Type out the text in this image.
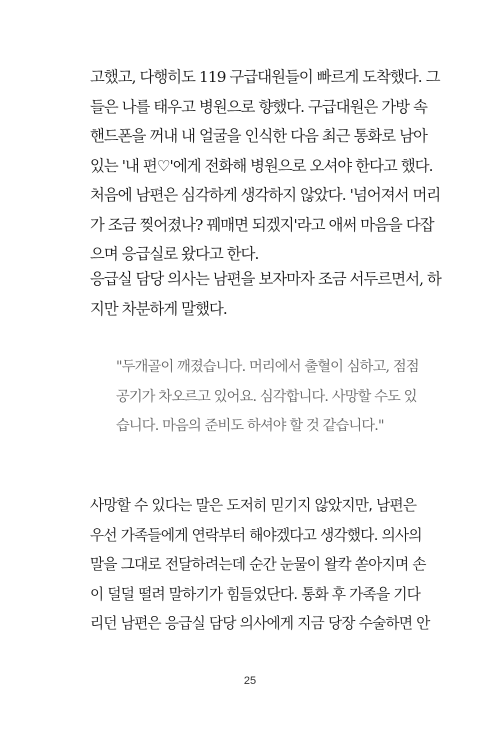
고했고, 다행히도 119 구급대원들이 빠르게 도착했다. 그
들은 나를 태우고 병원으로 향했다. 구급대원은 가방 속
핸드폰을 꺼내 내 얼굴을 인식한 다음 최근 통화로 남아
있는 '내 편♡'에게 전화해 병원으로 오셔야 한다고 했다.
처음에 남편은 심각하게 생각하지 않았다. '넘어져서 머리
가 조금 찢어졌나? 꿰매면 되겠지'라고 애써 마음을 다잡
으며 응급실로 왔다고 한다.
응급실 담당 의사는 남편을 보자마자 조금 서두르면서, 하
지만 차분하게 말했다.
"두개골이 깨졌습니다. 머리에서 출혈이 심하고, 점점
공기가 차오르고 있어요. 심각합니다. 사망할 수도 있
습니다. 마음의 준비도 하셔야 할 것 같습니다."
사망할 수 있다는 말은 도저히 믿기지 않았지만, 남편은
우선 가족들에게 연락부터 해야겠다고 생각했다. 의사의
말을 그대로 전달하려는데 순간 눈물이 왈칵 쏟아지며 손
이 덜덜 떨려 말하기가 힘들었단다. 통화 후 가족을 기다
리던 남편은 응급실 담당 의사에게 지금 당장 수술하면 안
25
